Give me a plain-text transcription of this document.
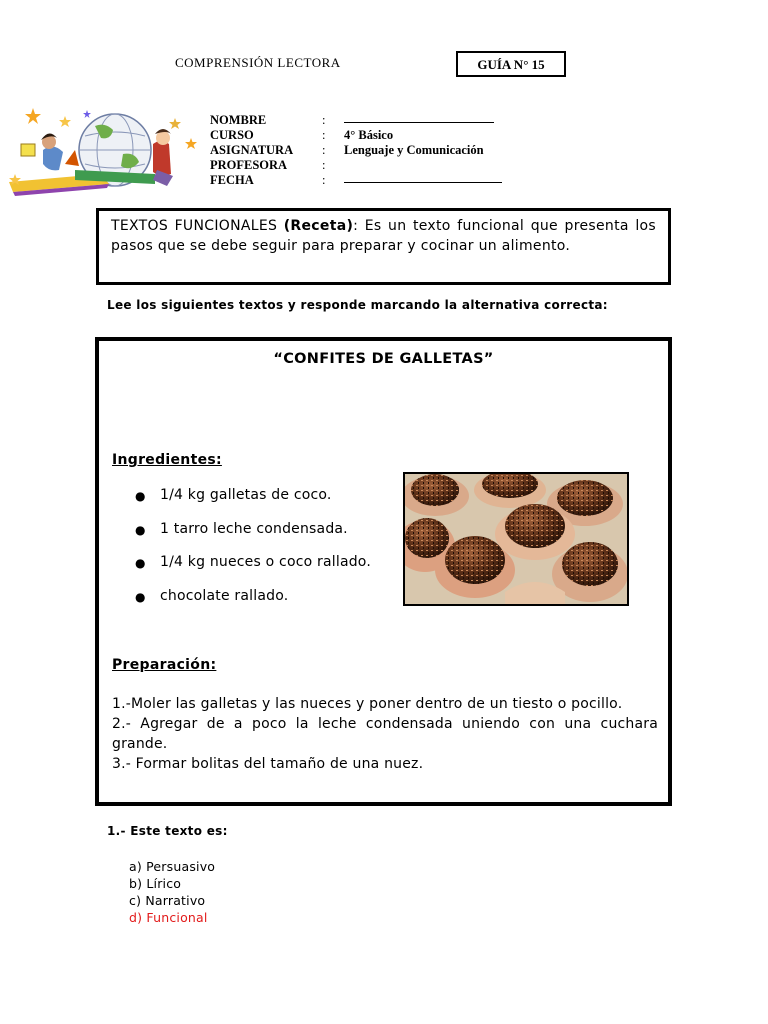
COMPRENSIÓN LECTORA	GUÍA N° 15
NOMBRE	:
CURSO	:	4° Básico
ASIGNATURA	:	Lenguaje y Comunicación
PROFESORA	:
FECHA	:
TEXTOS FUNCIONALES (Receta): Es un texto funcional que presenta los pasos que se debe seguir para preparar y cocinar un alimento.
Lee los siguientes textos y responde marcando la alternativa correcta:
“CONFITES DE GALLETAS”
Ingredientes:
●	1/4 kg galletas de coco.
●	1 tarro leche condensada.
●	1/4 kg nueces o coco rallado.
●	chocolate rallado.
Preparación:
1.-Moler las galletas y las nueces y poner dentro de un tiesto o pocillo.
2.- Agregar de a poco la leche condensada uniendo con una cuchara grande.
3.- Formar bolitas del tamaño de una nuez.
1.- Este texto es:
a) Persuasivo
b) Lírico
c) Narrativo
d) Funcional
